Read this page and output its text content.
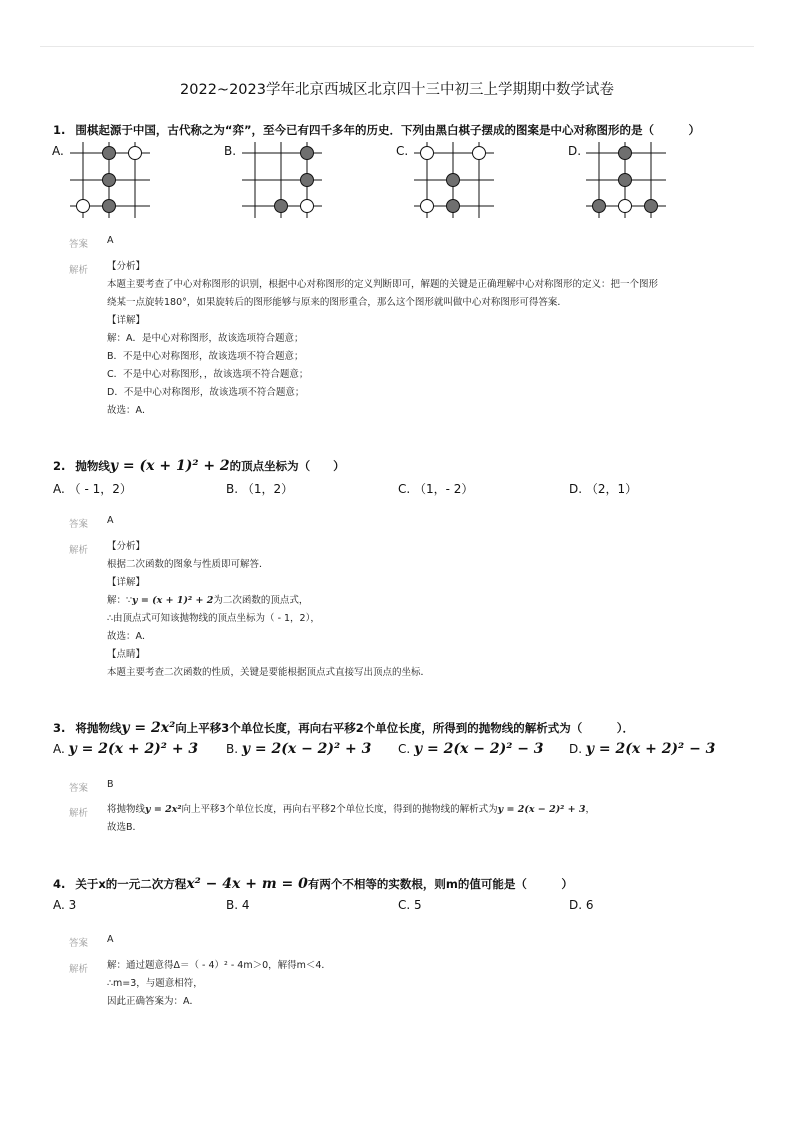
2022~2023学年北京西城区北京四十三中初三上学期期中数学试卷
1. 围棋起源于中国，古代称之为“弈”，至今已有四千多年的历史．下列由黑白棋子摆成的图案是中心对称图形的是（　　　）
A.	B.	C.	D.
答案 A
解析 【分析】
本题主要考查了中心对称图形的识别，根据中心对称图形的定义判断即可，解题的关键是正确理解中心对称图形的定义：把一个图形
绕某一点旋转180°，如果旋转后的图形能够与原来的图形重合，那么这个图形就叫做中心对称图形可得答案．
【详解】
解：A．是中心对称图形，故该选项符合题意；
B．不是中心对称图形，故该选项不符合题意；
C．不是中心对称图形，，故该选项不符合题意；
D．不是中心对称图形，故该选项不符合题意；
故选：A．
2. 抛物线y = (x + 1)² + 2的顶点坐标为（　　）
A. （ - 1，2）	B. （1，2）	C. （1，- 2）	D. （2，1）
答案 A
解析 【分析】
根据二次函数的图象与性质即可解答．
【详解】
解：∵y = (x + 1)² + 2为二次函数的顶点式，
∴由顶点式可知该抛物线的顶点坐标为（ - 1，2），
故选：A．
【点睛】
本题主要考查二次函数的性质，关键是要能根据顶点式直接写出顶点的坐标．
3. 将抛物线y = 2x²向上平移3个单位长度，再向右平移2个单位长度，所得到的抛物线的解析式为（　　　）．
A. y = 2(x + 2)² + 3 B. y = 2(x − 2)² + 3 C. y = 2(x − 2)² − 3 D. y = 2(x + 2)² − 3
答案 B
解析 将抛物线y = 2x²向上平移3个单位长度，再向右平移2个单位长度，得到的抛物线的解析式为y = 2(x − 2)² + 3，
故选B．
4. 关于x的一元二次方程x² − 4x + m = 0有两个不相等的实数根，则m的值可能是（　　　）
A. 3	B. 4	C. 5	D. 6
答案 A
解析 解：通过题意得Δ＝（ - 4）² - 4m＞0，解得m＜4．
∴m=3，与题意相符，
因此正确答案为：A．
